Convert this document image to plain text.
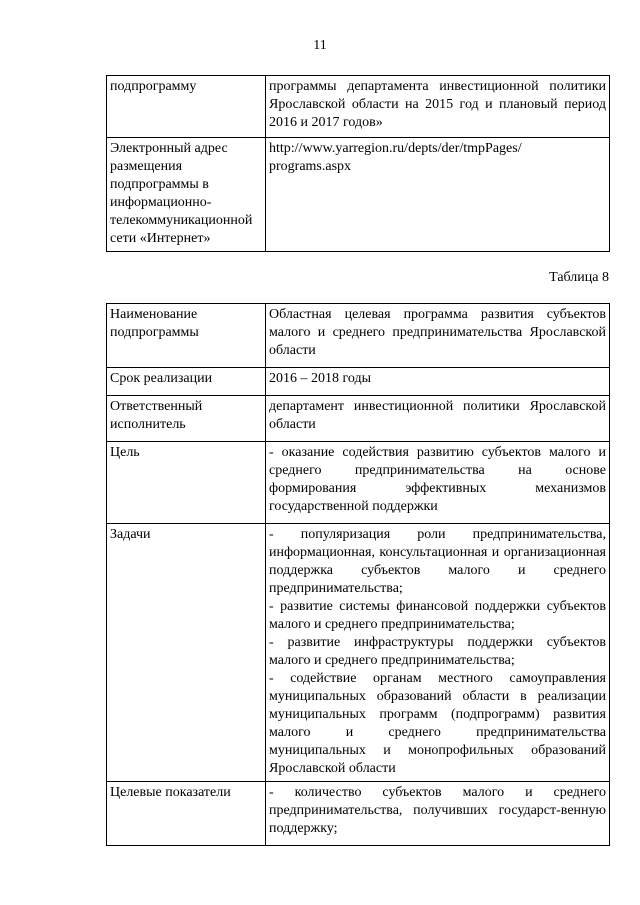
11
подпрограмму	программы департамента инвестиционной политики Ярославской области на 2015 год и плановый период 2016 и 2017 годов»

Электронный адрес размещения подпрограммы в информационно-телекоммуникационной сети «Интернет»	http://www.yarregion.ru/depts/der/tmpPages/ programs.aspx
Таблица 8
Наименование подпрограммы	Областная целевая программа развития субъектов малого и среднего предпринимательства Ярославской области

Срок реализации	2016 – 2018 годы

Ответственный исполнитель	департамент инвестиционной политики Ярославской области

Цель	- оказание содействия развитию субъектов малого и среднего предпринимательства на основе формирования эффективных механизмов государственной поддержки

Задачи	- популяризация роли предпринимательства, информационная, консультационная и организационная поддержка субъектов малого и среднего предпринимательства;
- развитие системы финансовой поддержки субъектов малого и среднего предпринимательства;
- развитие инфраструктуры поддержки субъектов малого и среднего предпринимательства;
- содействие органам местного самоуправления муниципальных образований области в реализации муниципальных программ (подпрограмм) развития малого и среднего предпринимательства муниципальных и монопрофильных образований Ярославской области

Целевые показатели	- количество субъектов малого и среднего предпринимательства, получивших государст-венную поддержку;
